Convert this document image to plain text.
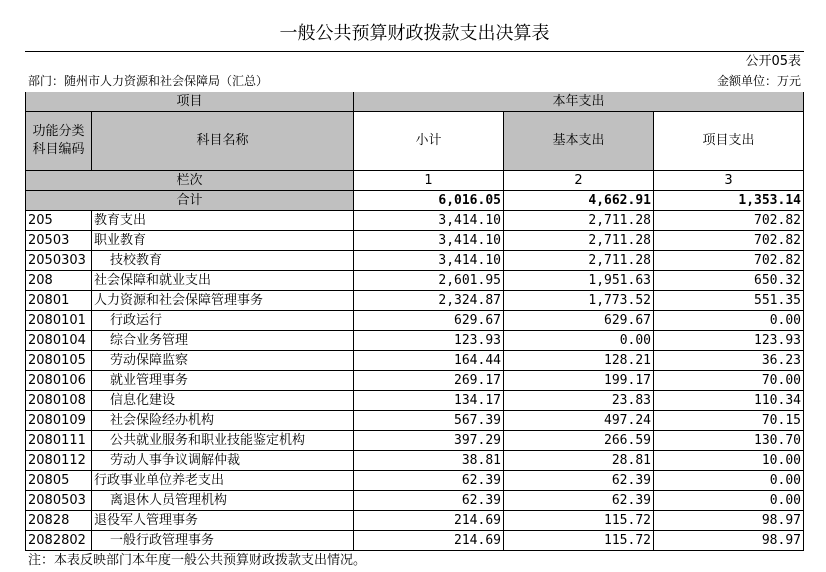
一般公共预算财政拨款支出决算表				
				公开05表
部门：随州市人力资源和社会保障局（汇总）				金额单位：万元
项目		本年支出		
功能分类科目编码	科目名称	小计	基本支出	项目支出
栏次		1	2	3
合计		6,016.05	4,662.91	1,353.14
205	教育支出	3,414.10	2,711.28	702.82
20503	职业教育	3,414.10	2,711.28	702.82
2050303	技校教育	3,414.10	2,711.28	702.82
208	社会保障和就业支出	2,601.95	1,951.63	650.32
20801	人力资源和社会保障管理事务	2,324.87	1,773.52	551.35
2080101	行政运行	629.67	629.67	0.00
2080104	综合业务管理	123.93	0.00	123.93
2080105	劳动保障监察	164.44	128.21	36.23
2080106	就业管理事务	269.17	199.17	70.00
2080108	信息化建设	134.17	23.83	110.34
2080109	社会保险经办机构	567.39	497.24	70.15
2080111	公共就业服务和职业技能鉴定机构	397.29	266.59	130.70
2080112	劳动人事争议调解仲裁	38.81	28.81	10.00
20805	行政事业单位养老支出	62.39	62.39	0.00
2080503	离退休人员管理机构	62.39	62.39	0.00
20828	退役军人管理事务	214.69	115.72	98.97
2082802	一般行政管理事务	214.69	115.72	98.97
注：本表反映部门本年度一般公共预算财政拨款支出情况。				
